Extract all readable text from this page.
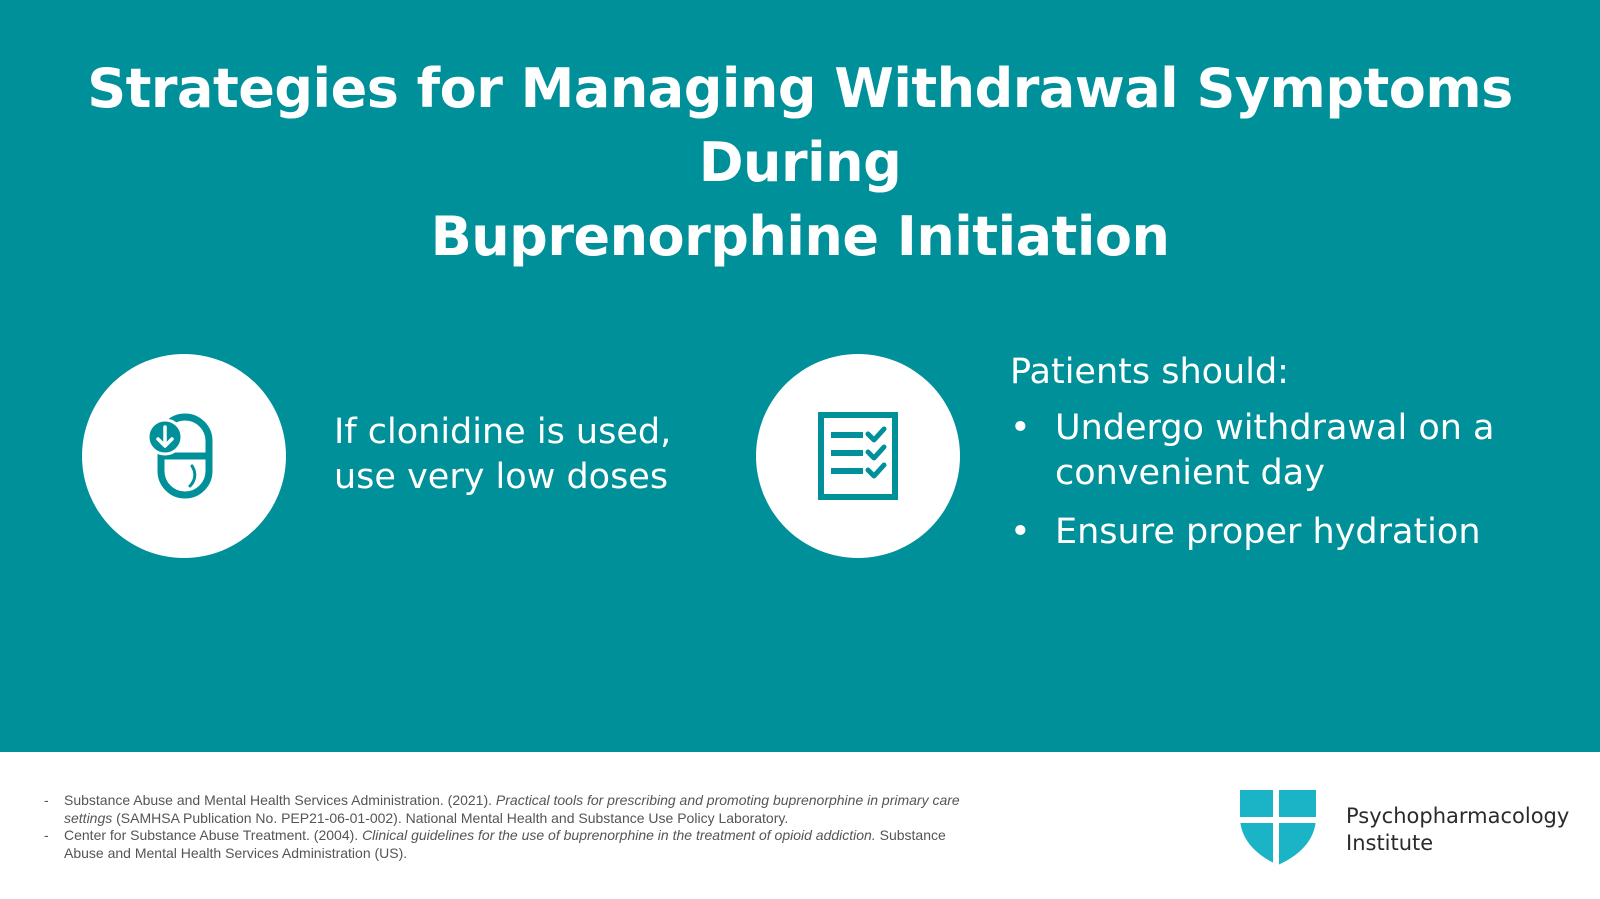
Strategies for Managing Withdrawal Symptoms During
Buprenorphine Initiation
If clonidine is used,
use very low doses
Patients should:
• Undergo withdrawal on a
convenient day
• Ensure proper hydration
- Substance Abuse and Mental Health Services Administration. (2021). Practical tools for prescribing and promoting buprenorphine in primary care settings (SAMHSA Publication No. PEP21-06-01-002). National Mental Health and Substance Use Policy Laboratory.
- Center for Substance Abuse Treatment. (2004). Clinical guidelines for the use of buprenorphine in the treatment of opioid addiction. Substance Abuse and Mental Health Services Administration (US).
Psychopharmacology
Institute
